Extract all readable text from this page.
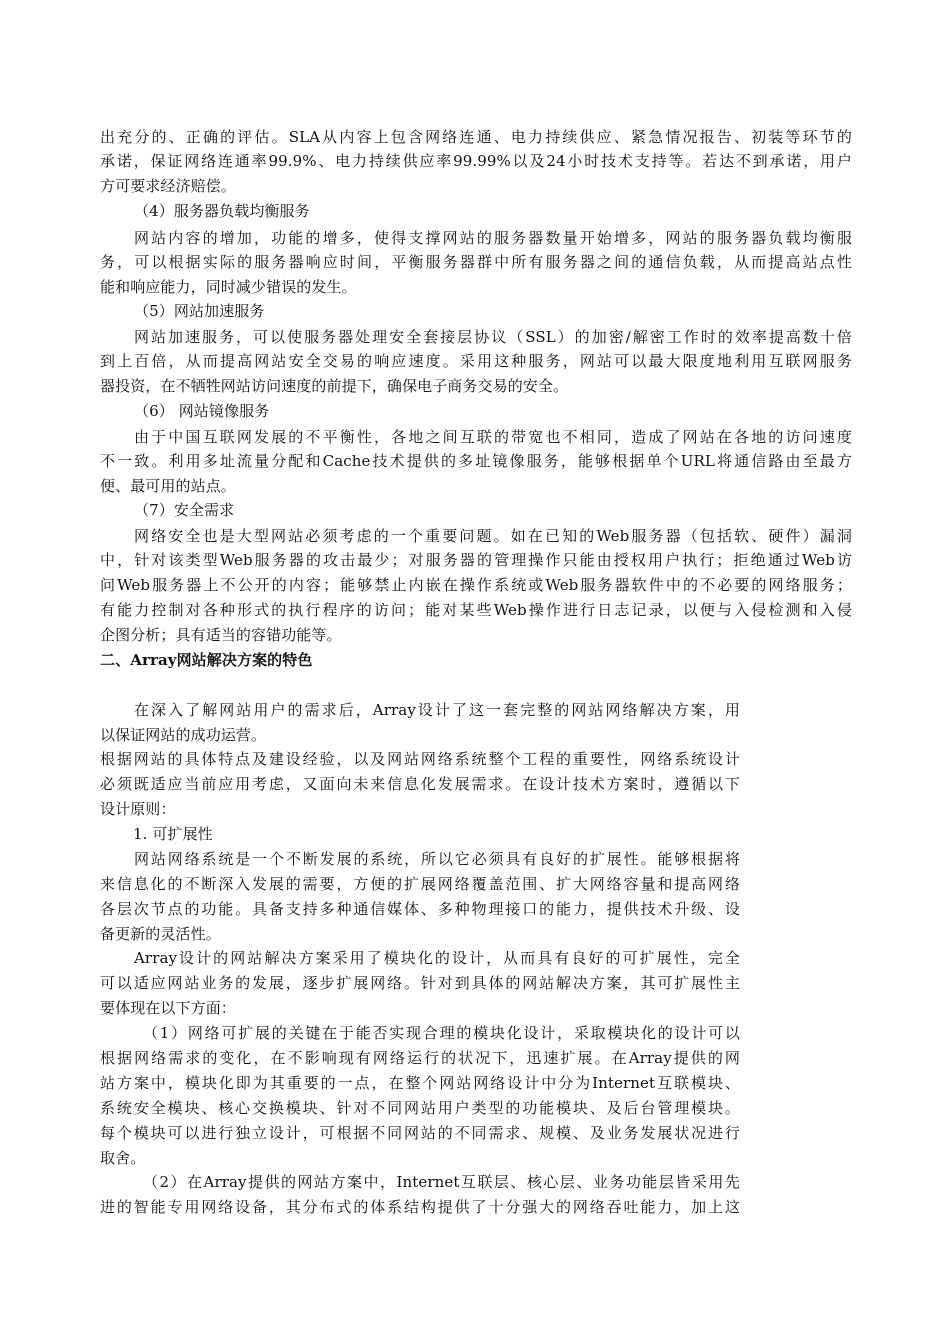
出充分的、正确的评估。SLA从内容上包含网络连通、电力持续供应、紧急情况报告、初装等环节的
承诺，保证网络连通率99.9%、电力持续供应率99.99%以及24小时技术支持等。若达不到承诺，用户
方可要求经济赔偿。
（4）服务器负载均衡服务
网站内容的增加，功能的增多，使得支撑网站的服务器数量开始增多，网站的服务器负载均衡服
务，可以根据实际的服务器响应时间，平衡服务器群中所有服务器之间的通信负载，从而提高站点性
能和响应能力，同时减少错误的发生。
（5）网站加速服务
网站加速服务，可以使服务器处理安全套接层协议（SSL）的加密/解密工作时的效率提高数十倍
到上百倍，从而提高网站安全交易的响应速度。采用这种服务，网站可以最大限度地利用互联网服务
器投资，在不牺牲网站访问速度的前提下，确保电子商务交易的安全。
（6） 网站镜像服务
由于中国互联网发展的不平衡性，各地之间互联的带宽也不相同，造成了网站在各地的访问速度
不一致。利用多址流量分配和Cache技术提供的多址镜像服务，能够根据单个URL将通信路由至最方
便、最可用的站点。
（7）安全需求
网络安全也是大型网站必须考虑的一个重要问题。如在已知的Web服务器（包括软、硬件）漏洞
中，针对该类型Web服务器的攻击最少；对服务器的管理操作只能由授权用户执行；拒绝通过Web访
问Web服务器上不公开的内容；能够禁止内嵌在操作系统或Web服务器软件中的不必要的网络服务；
有能力控制对各种形式的执行程序的访问；能对某些Web操作进行日志记录，以便与入侵检测和入侵
企图分析；具有适当的容错功能等。
二、Array网站解决方案的特色
在深入了解网站用户的需求后，Array设计了这一套完整的网站网络解决方案，用
以保证网站的成功运营。
根据网站的具体特点及建设经验，以及网站网络系统整个工程的重要性，网络系统设计
必须既适应当前应用考虑，又面向未来信息化发展需求。在设计技术方案时，遵循以下
设计原则：
1. 可扩展性
网站网络系统是一个不断发展的系统，所以它必须具有良好的扩展性。能够根据将
来信息化的不断深入发展的需要，方便的扩展网络覆盖范围、扩大网络容量和提高网络
各层次节点的功能。具备支持多种通信媒体、多种物理接口的能力，提供技术升级、设
备更新的灵活性。
Array设计的网站解决方案采用了模块化的设计，从而具有良好的可扩展性，完全
可以适应网站业务的发展，逐步扩展网络。针对到具体的网站解决方案，其可扩展性主
要体现在以下方面：
（1）网络可扩展的关键在于能否实现合理的模块化设计，采取模块化的设计可以
根据网络需求的变化，在不影响现有网络运行的状况下，迅速扩展。在Array提供的网
站方案中，模块化即为其重要的一点，在整个网站网络设计中分为Internet互联模块、
系统安全模块、核心交换模块、针对不同网站用户类型的功能模块、及后台管理模块。
每个模块可以进行独立设计，可根据不同网站的不同需求、规模、及业务发展状况进行
取舍。
（2）在Array提供的网站方案中，Internet互联层、核心层、业务功能层皆采用先
进的智能专用网络设备，其分布式的体系结构提供了十分强大的网络吞吐能力，加上这
